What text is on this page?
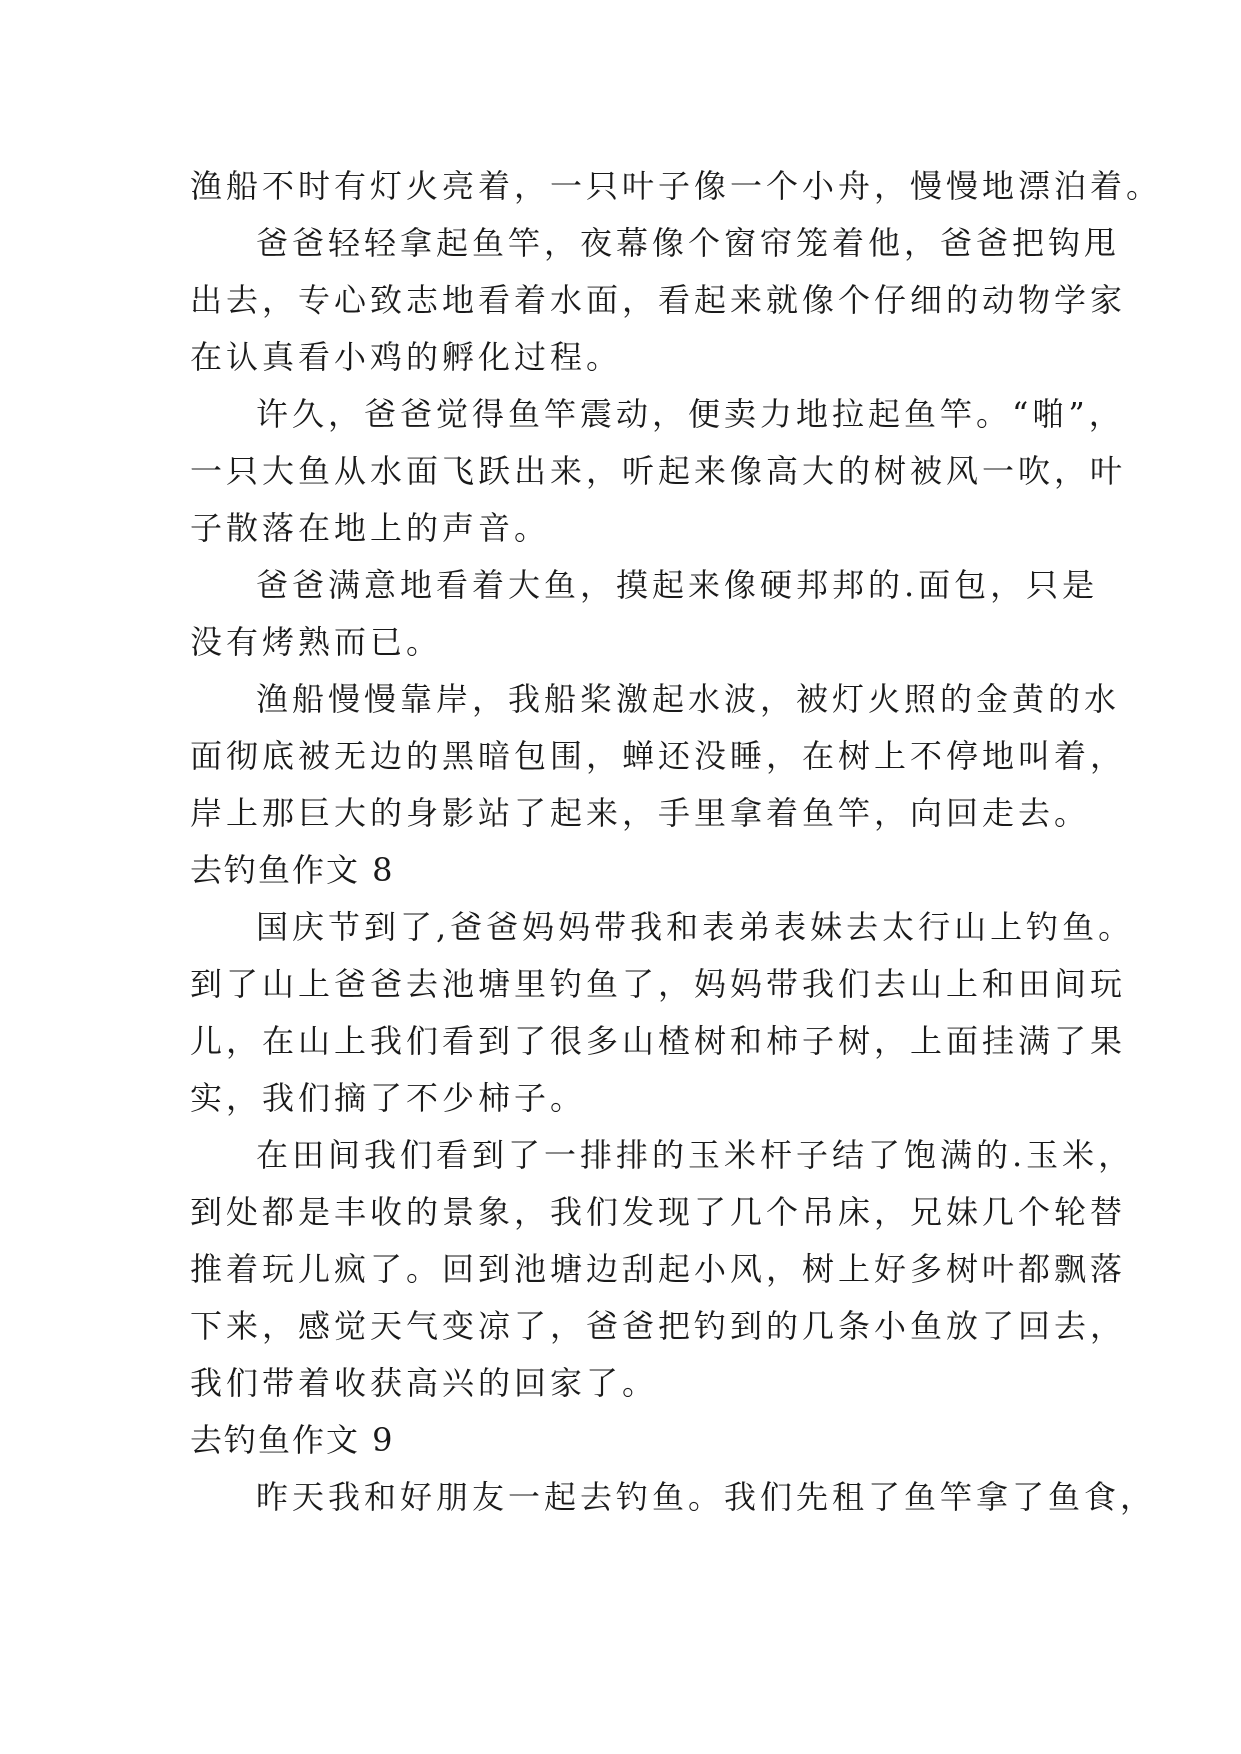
渔船不时有灯火亮着，一只叶子像一个小舟，慢慢地漂泊着。
爸爸轻轻拿起鱼竿，夜幕像个窗帘笼着他，爸爸把钩甩
出去，专心致志地看着水面，看起来就像个仔细的动物学家
在认真看小鸡的孵化过程。
许久，爸爸觉得鱼竿震动，便卖力地拉起鱼竿。“啪”，
一只大鱼从水面飞跃出来，听起来像高大的树被风一吹，叶
子散落在地上的声音。
爸爸满意地看着大鱼，摸起来像硬邦邦的.面包，只是
没有烤熟而已。
渔船慢慢靠岸，我船桨激起水波，被灯火照的金黄的水
面彻底被无边的黑暗包围，蝉还没睡，在树上不停地叫着，
岸上那巨大的身影站了起来，手里拿着鱼竿，向回走去。
去钓鱼作文 8
国庆节到了,爸爸妈妈带我和表弟表妹去太行山上钓鱼。
到了山上爸爸去池塘里钓鱼了，妈妈带我们去山上和田间玩
儿，在山上我们看到了很多山楂树和柿子树，上面挂满了果
实，我们摘了不少柿子。
在田间我们看到了一排排的玉米杆子结了饱满的.玉米，
到处都是丰收的景象，我们发现了几个吊床，兄妹几个轮替
推着玩儿疯了。回到池塘边刮起小风，树上好多树叶都飘落
下来，感觉天气变凉了，爸爸把钓到的几条小鱼放了回去，
我们带着收获高兴的回家了。
去钓鱼作文 9
昨天我和好朋友一起去钓鱼。我们先租了鱼竿拿了鱼食，
